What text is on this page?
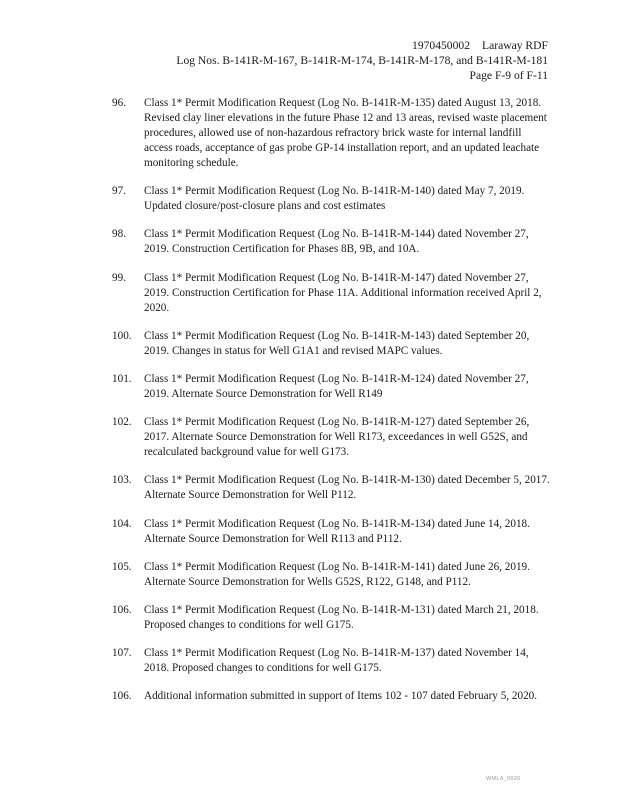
1970450002 Laraway RDF
Log Nos. B-141R-M-167, B-141R-M-174, B-141R-M-178, and B-141R-M-181
Page F-9 of F-11
96. Class 1* Permit Modification Request (Log No. B-141R-M-135) dated August 13, 2018. Revised clay liner elevations in the future Phase 12 and 13 areas, revised waste placement procedures, allowed use of non-hazardous refractory brick waste for internal landfill access roads, acceptance of gas probe GP-14 installation report, and an updated leachate monitoring schedule.
97. Class 1* Permit Modification Request (Log No. B-141R-M-140) dated May 7, 2019. Updated closure/post-closure plans and cost estimates
98. Class 1* Permit Modification Request (Log No. B-141R-M-144) dated November 27, 2019. Construction Certification for Phases 8B, 9B, and 10A.
99. Class 1* Permit Modification Request (Log No. B-141R-M-147) dated November 27, 2019. Construction Certification for Phase 11A. Additional information received April 2, 2020.
100. Class 1* Permit Modification Request (Log No. B-141R-M-143) dated September 20, 2019. Changes in status for Well G1A1 and revised MAPC values.
101. Class 1* Permit Modification Request (Log No. B-141R-M-124) dated November 27, 2019. Alternate Source Demonstration for Well R149
102. Class 1* Permit Modification Request (Log No. B-141R-M-127) dated September 26, 2017. Alternate Source Demonstration for Well R173, exceedances in well G52S, and recalculated background value for well G173.
103. Class 1* Permit Modification Request (Log No. B-141R-M-130) dated December 5, 2017. Alternate Source Demonstration for Well P112.
104. Class 1* Permit Modification Request (Log No. B-141R-M-134) dated June 14, 2018. Alternate Source Demonstration for Well R113 and P112.
105. Class 1* Permit Modification Request (Log No. B-141R-M-141) dated June 26, 2019. Alternate Source Demonstration for Wells G52S, R122, G148, and P112.
106. Class 1* Permit Modification Request (Log No. B-141R-M-131) dated March 21, 2018. Proposed changes to conditions for well G175.
107. Class 1* Permit Modification Request (Log No. B-141R-M-137) dated November 14, 2018. Proposed changes to conditions for well G175.
106. Additional information submitted in support of Items 102 - 107 dated February 5, 2020.
WMLA_0026
